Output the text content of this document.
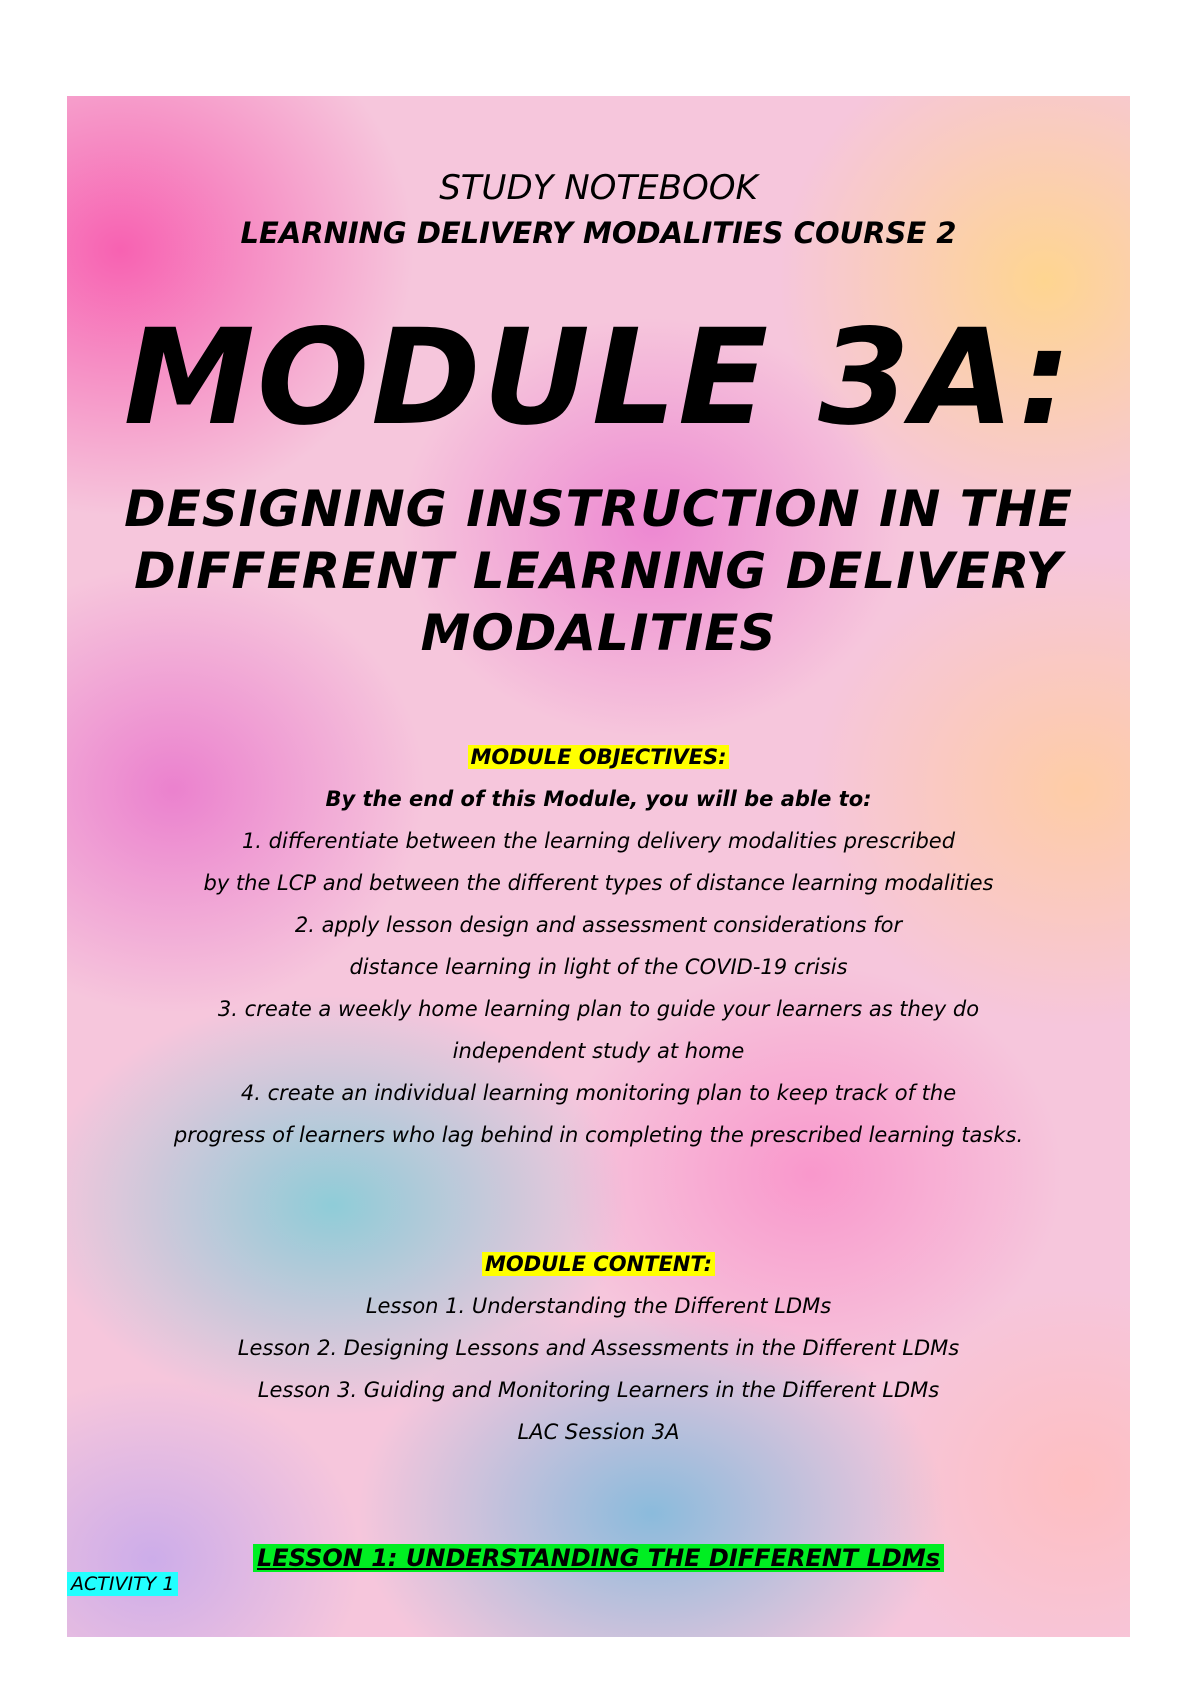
STUDY NOTEBOOK
LEARNING DELIVERY MODALITIES COURSE 2
MODULE 3A:
DESIGNING INSTRUCTION IN THE
DIFFERENT LEARNING DELIVERY
MODALITIES
MODULE OBJECTIVES:
By the end of this Module, you will be able to:
1. differentiate between the learning delivery modalities prescribed
by the LCP and between the different types of distance learning modalities
2. apply lesson design and assessment considerations for
distance learning in light of the COVID-19 crisis
3. create a weekly home learning plan to guide your learners as they do
independent study at home
4. create an individual learning monitoring plan to keep track of the
progress of learners who lag behind in completing the prescribed learning tasks.
MODULE CONTENT:
Lesson 1. Understanding the Different LDMs
Lesson 2. Designing Lessons and Assessments in the Different LDMs
Lesson 3. Guiding and Monitoring Learners in the Different LDMs
LAC Session 3A
LESSON 1: UNDERSTANDING THE DIFFERENT LDMs
ACTIVITY 1
